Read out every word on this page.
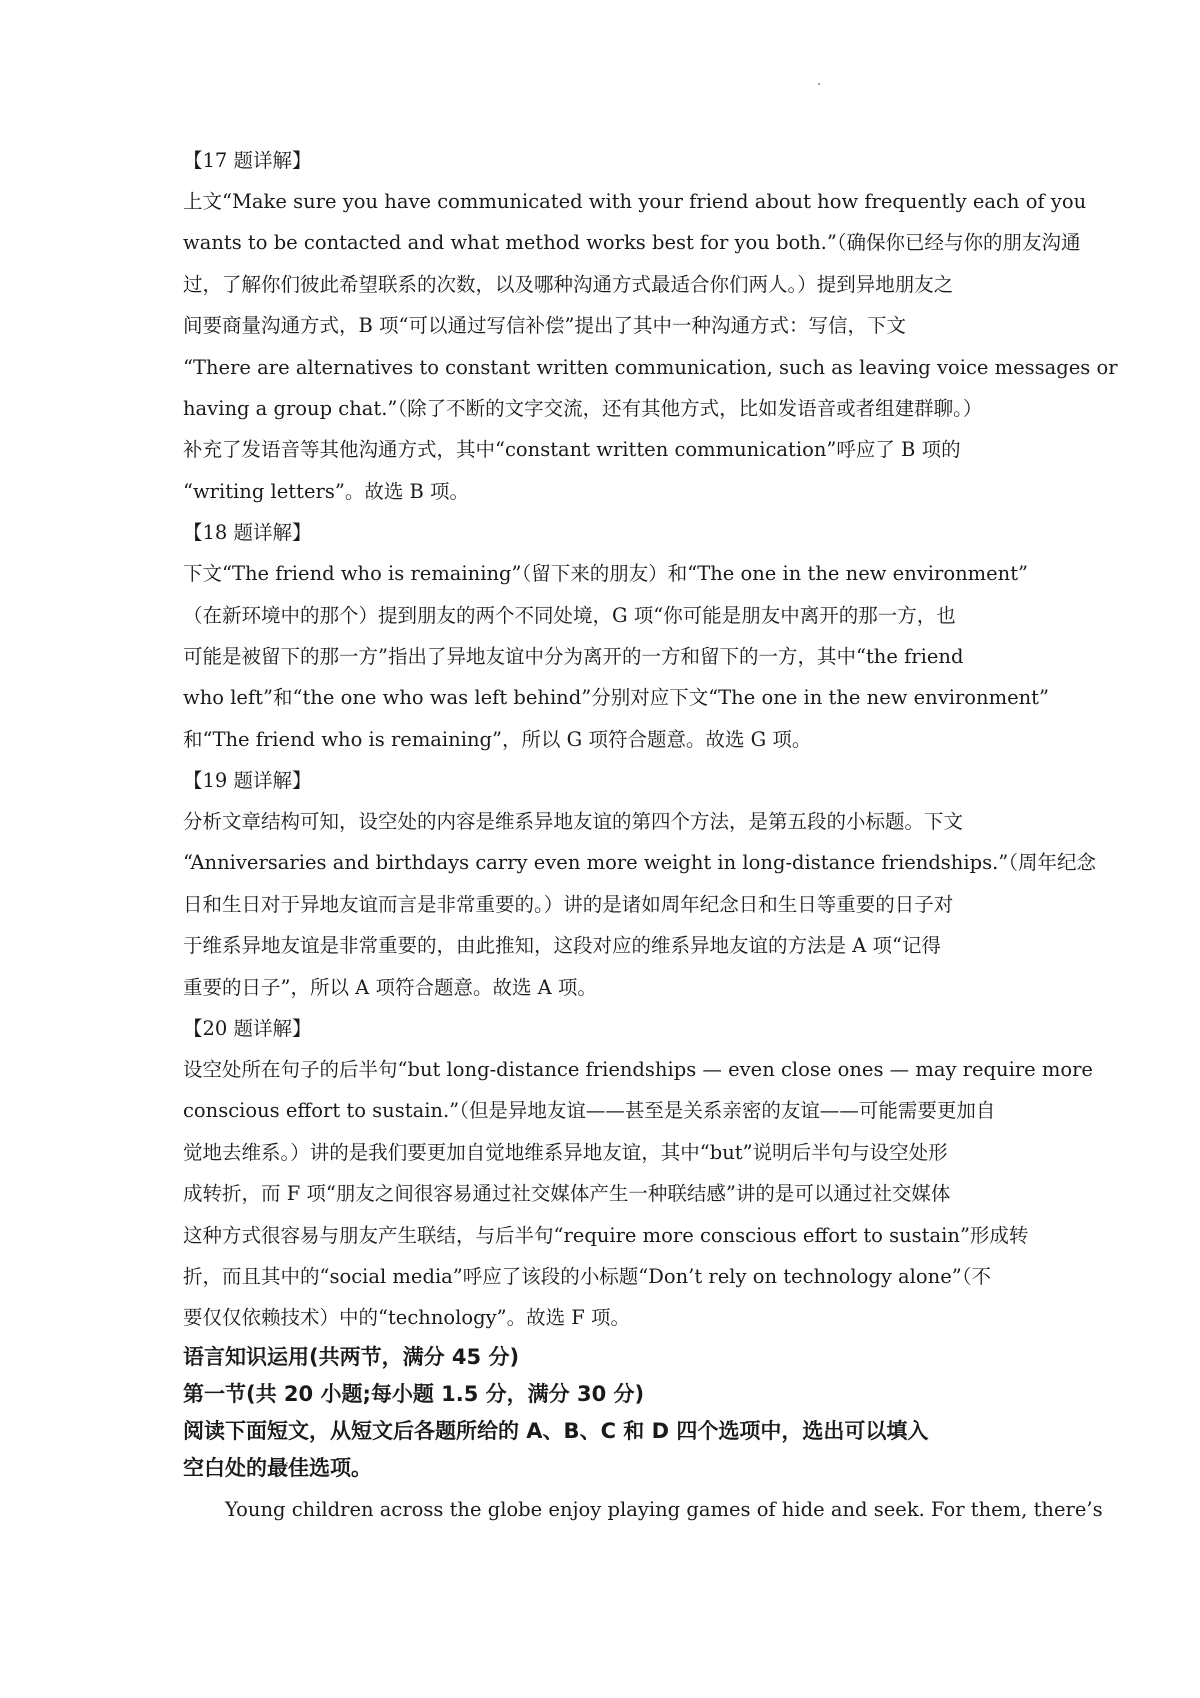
【17 题详解】

上文“Make sure you have communicated with your friend about how frequently each of you
wants to be contacted and what method works best for you both.”（确保你已经与你的朋友沟通
过，了解你们彼此希望联系的次数，以及哪种沟通方式最适合你们两人。）提到异地朋友之
间要商量沟通方式，B 项“可以通过写信补偿”提出了其中一种沟通方式：写信，下文
“There are alternatives to constant written communication, such as leaving voice messages or
having a group chat.”（除了不断的文字交流，还有其他方式，比如发语音或者组建群聊。）
补充了发语音等其他沟通方式，其中“constant written communication”呼应了 B 项的
“writing letters”。故选 B 项。

【18 题详解】

下文“The friend who is remaining”（留下来的朋友）和“The one in the new environment”
（在新环境中的那个）提到朋友的两个不同处境，G 项“你可能是朋友中离开的那一方，也
可能是被留下的那一方”指出了异地友谊中分为离开的一方和留下的一方，其中“the friend
who left”和“the one who was left behind”分别对应下文“The one in the new environment”
和“The friend who is remaining”，所以 G 项符合题意。故选 G 项。

【19 题详解】

分析文章结构可知，设空处的内容是维系异地友谊的第四个方法，是第五段的小标题。下文
“Anniversaries and birthdays carry even more weight in long-distance friendships.”（周年纪念
日和生日对于异地友谊而言是非常重要的。）讲的是诸如周年纪念日和生日等重要的日子对
于维系异地友谊是非常重要的，由此推知，这段对应的维系异地友谊的方法是 A 项“记得
重要的日子”，所以 A 项符合题意。故选 A 项。

【20 题详解】

设空处所在句子的后半句“but long-distance friendships — even close ones — may require more
conscious effort to sustain.”（但是异地友谊——甚至是关系亲密的友谊——可能需要更加自
觉地去维系。）讲的是我们要更加自觉地维系异地友谊，其中“but”说明后半句与设空处形
成转折，而 F 项“朋友之间很容易通过社交媒体产生一种联结感”讲的是可以通过社交媒体
这种方式很容易与朋友产生联结，与后半句“require more conscious effort to sustain”形成转
折，而且其中的“social media”呼应了该段的小标题“Don’t rely on technology alone”（不
要仅仅依赖技术）中的“technology”。故选 F 项。

语言知识运用(共两节，满分 45 分)
第一节(共 20 小题;每小题 1.5 分，满分 30 分)
阅读下面短文，从短文后各题所给的 A、B、C 和 D 四个选项中，选出可以填入
空白处的最佳选项。
Young children across the globe enjoy playing games of hide and seek. For them, there’s
